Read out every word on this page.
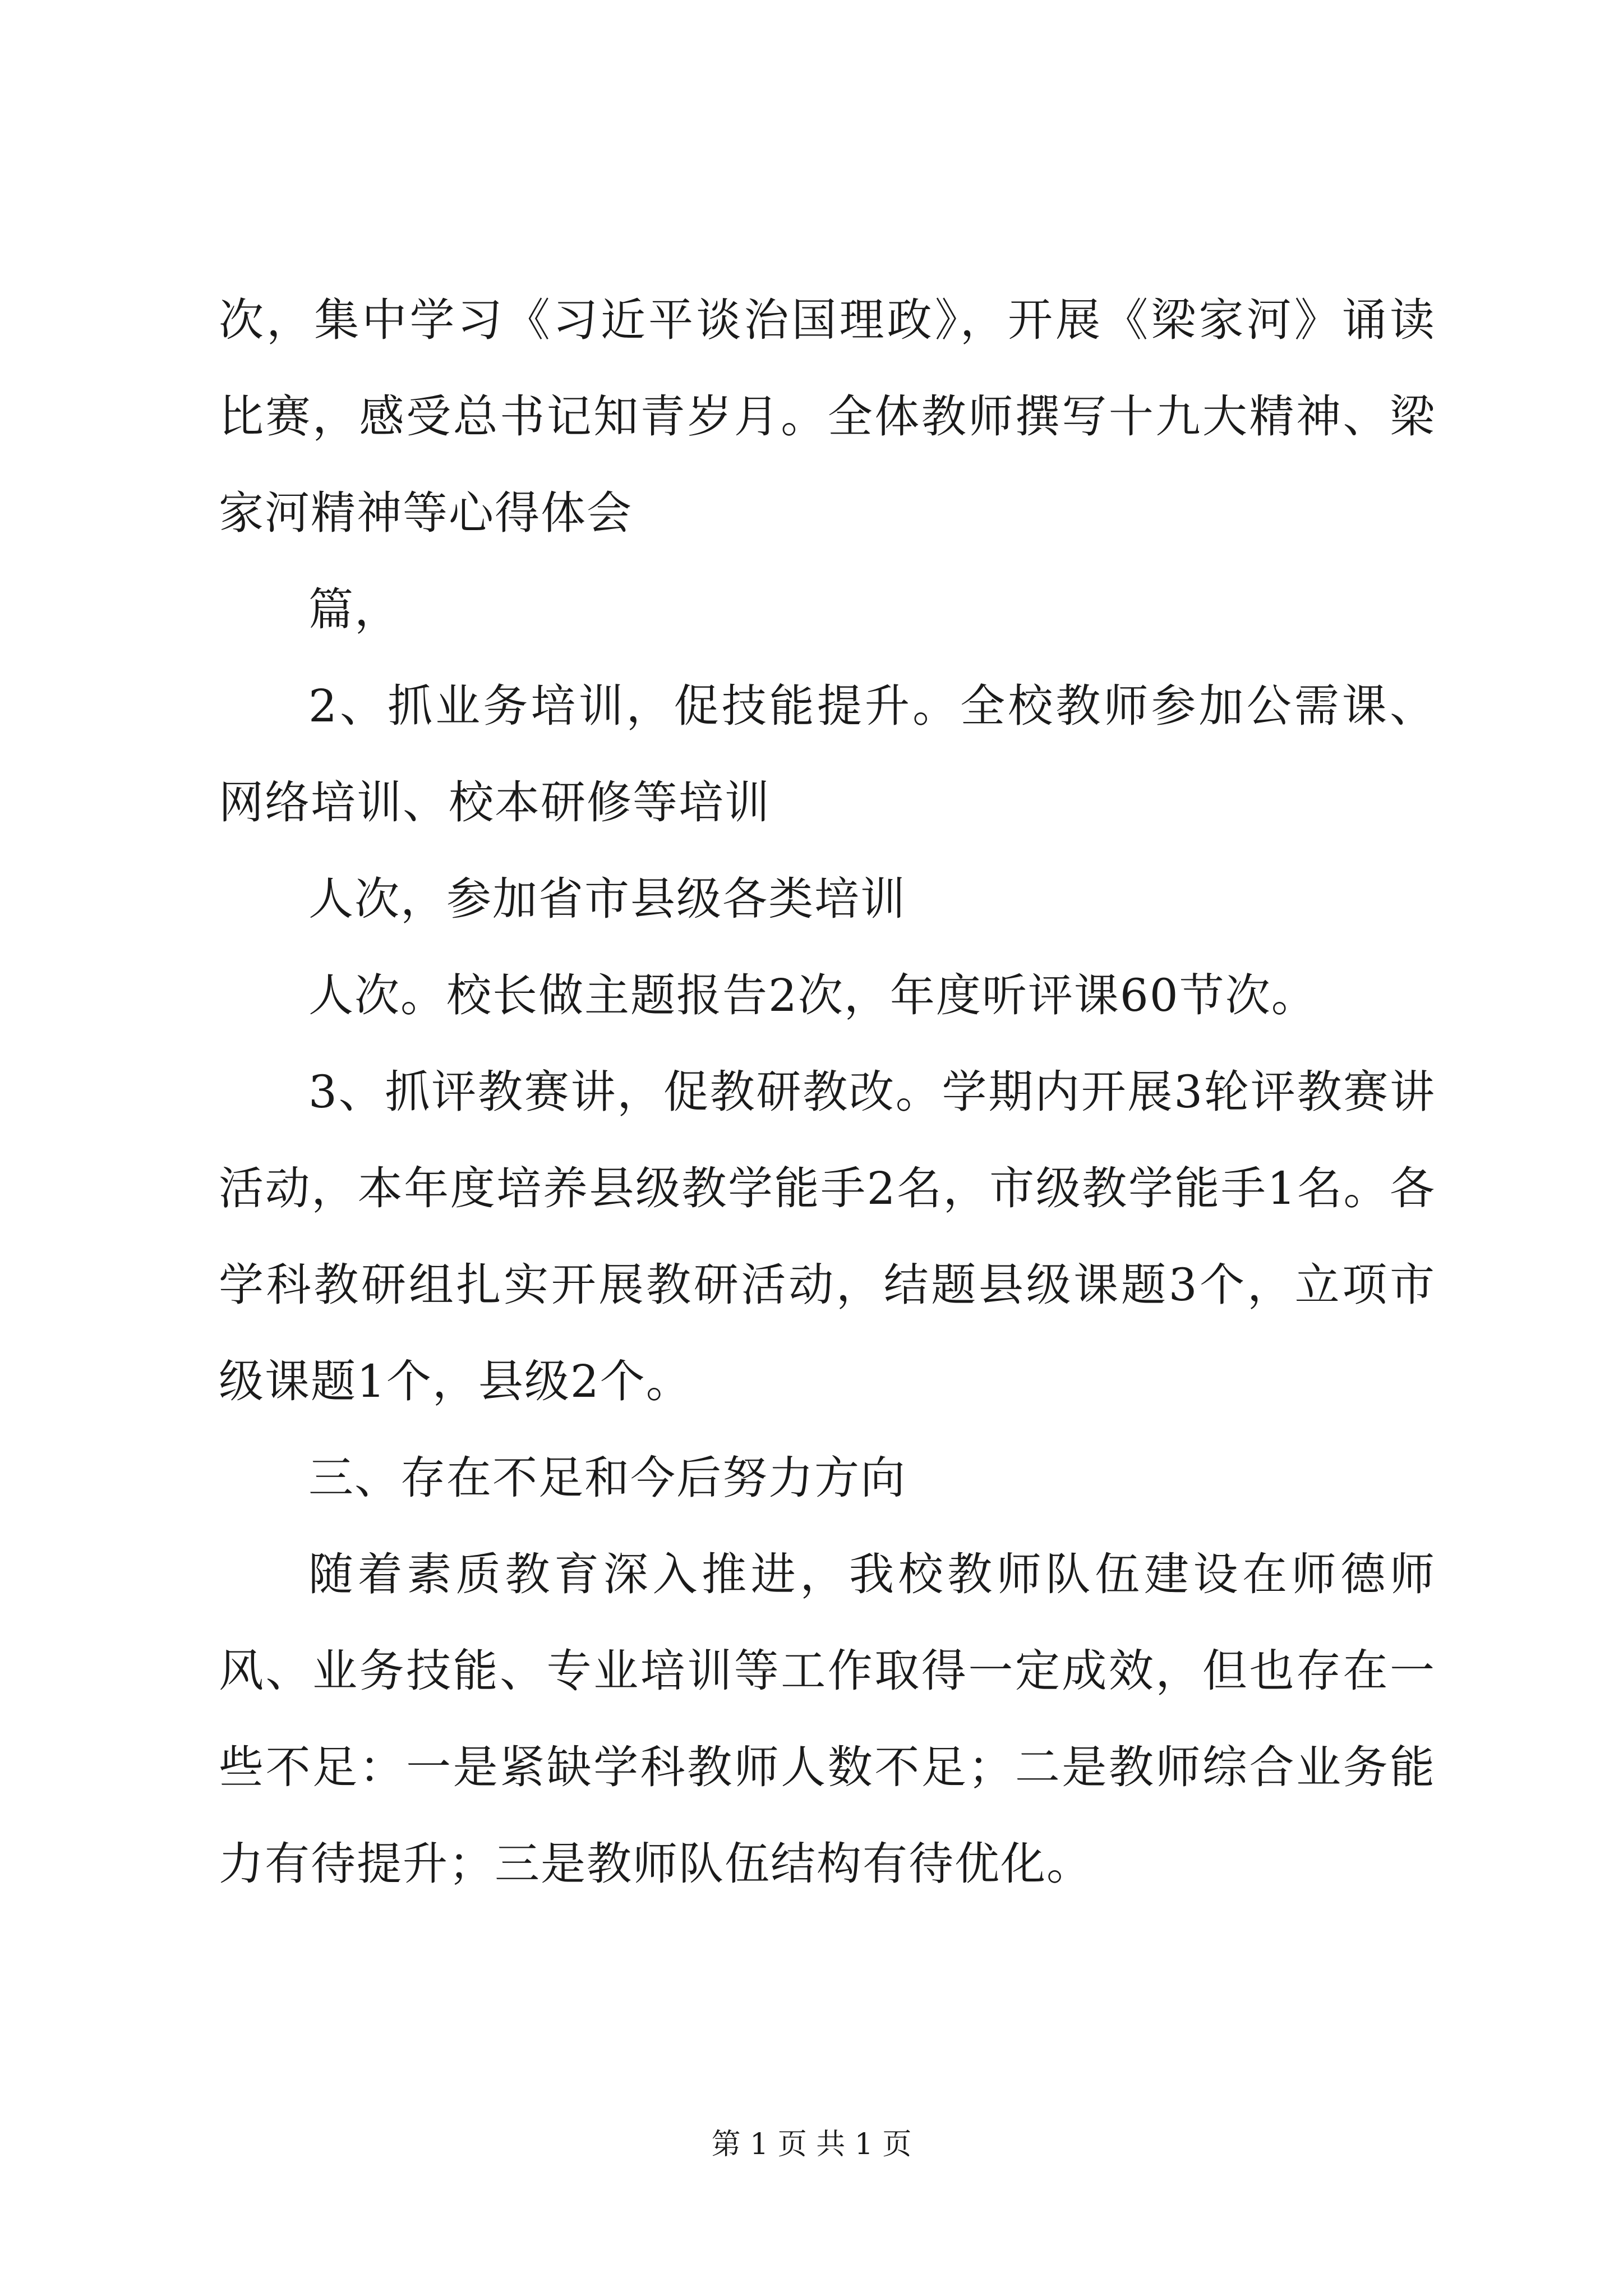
次，集中学习《习近平谈治国理政》，开展《梁家河》诵读比赛，感受总书记知青岁月。全体教师撰写十九大精神、梁家河精神等心得体会

篇，

2、抓业务培训，促技能提升。全校教师参加公需课、网络培训、校本研修等培训

人次，参加省市县级各类培训

人次。校长做主题报告2次，年度听评课60节次。

3、抓评教赛讲，促教研教改。学期内开展3轮评教赛讲活动，本年度培养县级教学能手2名，市级教学能手1名。各学科教研组扎实开展教研活动，结题县级课题3个，立项市级课题1个，县级2个。

三、存在不足和今后努力方向

随着素质教育深入推进，我校教师队伍建设在师德师风、业务技能、专业培训等工作取得一定成效，但也存在一些不足：一是紧缺学科教师人数不足；二是教师综合业务能力有待提升；三是教师队伍结构有待优化。

第 1 页 共 1 页
